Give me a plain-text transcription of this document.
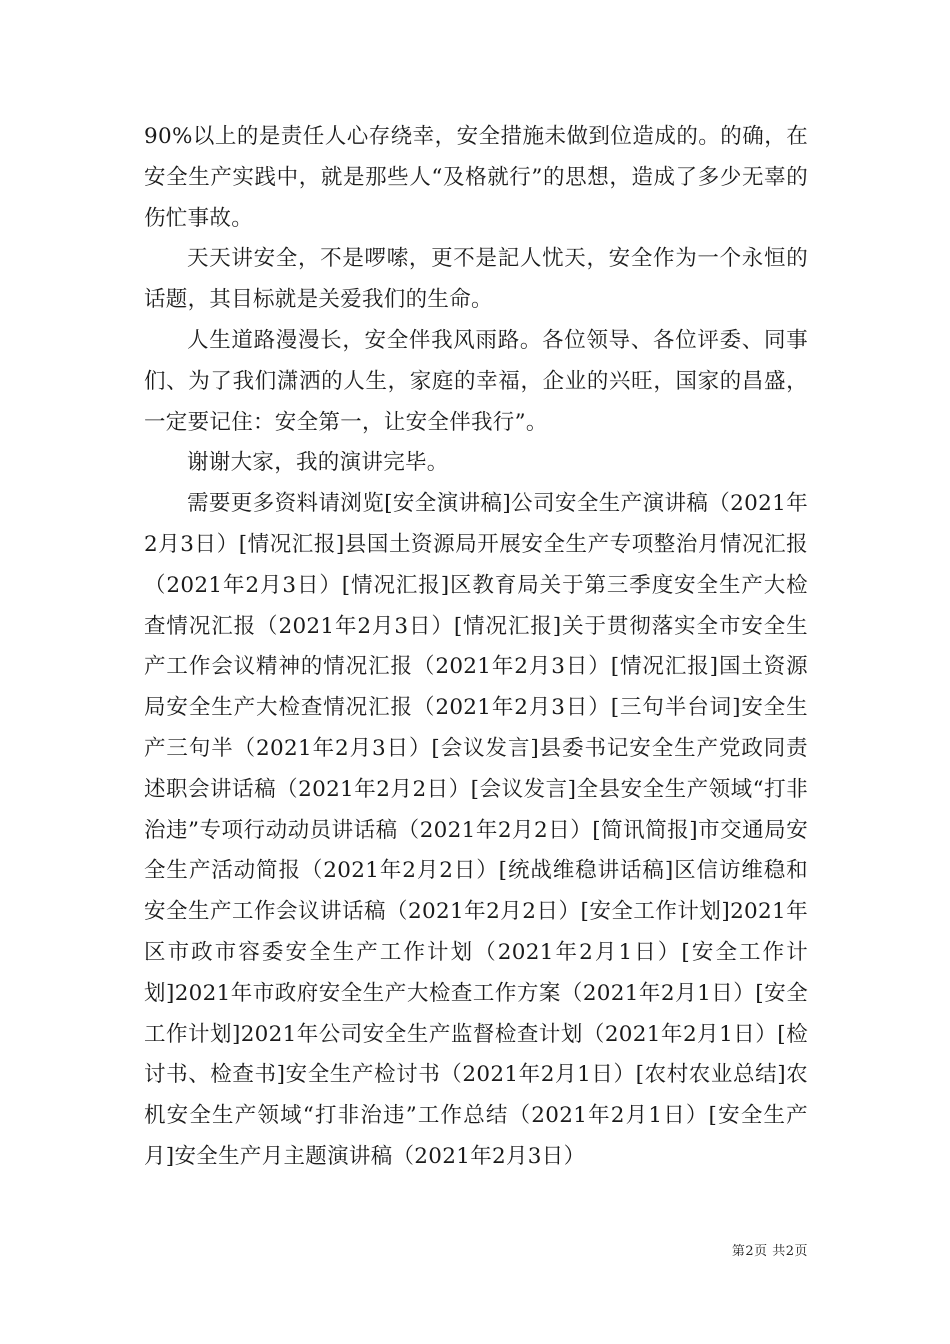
90%以上的是责任人心存绕幸，安全措施未做到位造成的。的确，在安全生产实践中，就是那些人“及格就行”的思想，造成了多少无辜的伤忙事故。

天天讲安全，不是啰嗦，更不是記人忧天，安全作为一个永恒的话题，其目标就是关爱我们的生命。

人生道路漫漫长，安全伴我风雨路。各位领导、各位评委、同事们、为了我们潇洒的人生，家庭的幸福，企业的兴旺，国家的昌盛，一定要记住：安全第一，让安全伴我行”。

谢谢大家，我的演讲完毕。

需要更多资料请浏览[安全演讲稿]公司安全生产演讲稿（2021年2月3日）[情况汇报]县国土资源局开展安全生产专项整治月情况汇报（2021年2月3日）[情况汇报]区教育局关于第三季度安全生产大检查情况汇报（2021年2月3日）[情况汇报]关于贯彻落实全市安全生产工作会议精神的情况汇报（2021年2月3日）[情况汇报]国土资源局安全生产大检查情况汇报（2021年2月3日）[三句半台词]安全生产三句半（2021年2月3日）[会议发言]县委书记安全生产党政同责述职会讲话稿（2021年2月2日）[会议发言]全县安全生产领域“打非治违”专项行动动员讲话稿（2021年2月2日）[简讯简报]市交通局安全生产活动简报（2021年2月2日）[统战维稳讲话稿]区信访维稳和安全生产工作会议讲话稿（2021年2月2日）[安全工作计划]2021年区市政市容委安全生产工作计划（2021年2月1日）[安全工作计划]2021年市政府安全生产大检查工作方案（2021年2月1日）[安全工作计划]2021年公司安全生产监督检查计划（2021年2月1日）[检讨书、检查书]安全生产检讨书（2021年2月1日）[农村农业总结]农机安全生产领域“打非治违”工作总结（2021年2月1日）[安全生产月]安全生产月主题演讲稿（2021年2月3日）

第2页 共2页
